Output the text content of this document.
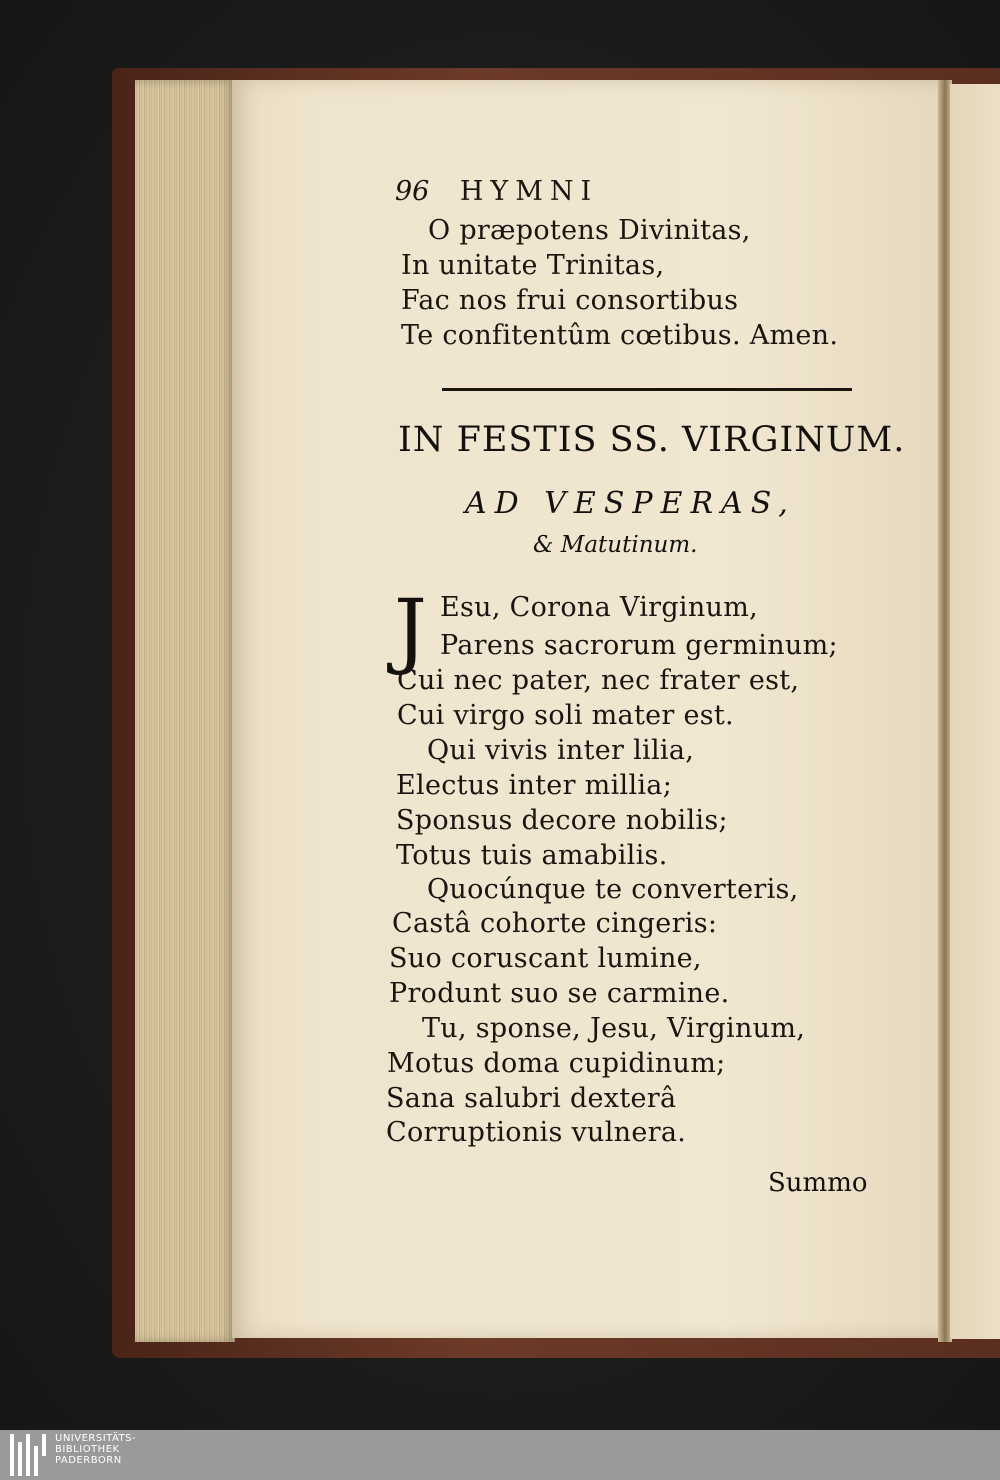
96 HYMNI
O præpotens Divinitas,
In unitate Trinitas,
Fac nos frui consortibus
Te confitentûm cœtibus. Amen.
IN FESTIS SS. VIRGINUM.
AD VESPERAS,
& Matutinum.
J Esu, Corona Virginum,
Parens sacrorum germinum;
Cui nec pater, nec frater est,
Cui virgo soli mater est.
Qui vivis inter lilia,
Electus inter millia;
Sponsus decore nobilis;
Totus tuis amabilis.
Quocúnque te converteris,
Castâ cohorte cingeris:
Suo coruscant lumine,
Produnt suo se carmine.
Tu, sponse, Jesu, Virginum,
Motus doma cupidinum;
Sana salubri dexterâ
Corruptionis vulnera.
Summo
UNIVERSITÄTS-
BIBLIOTHEK
PADERBORN
